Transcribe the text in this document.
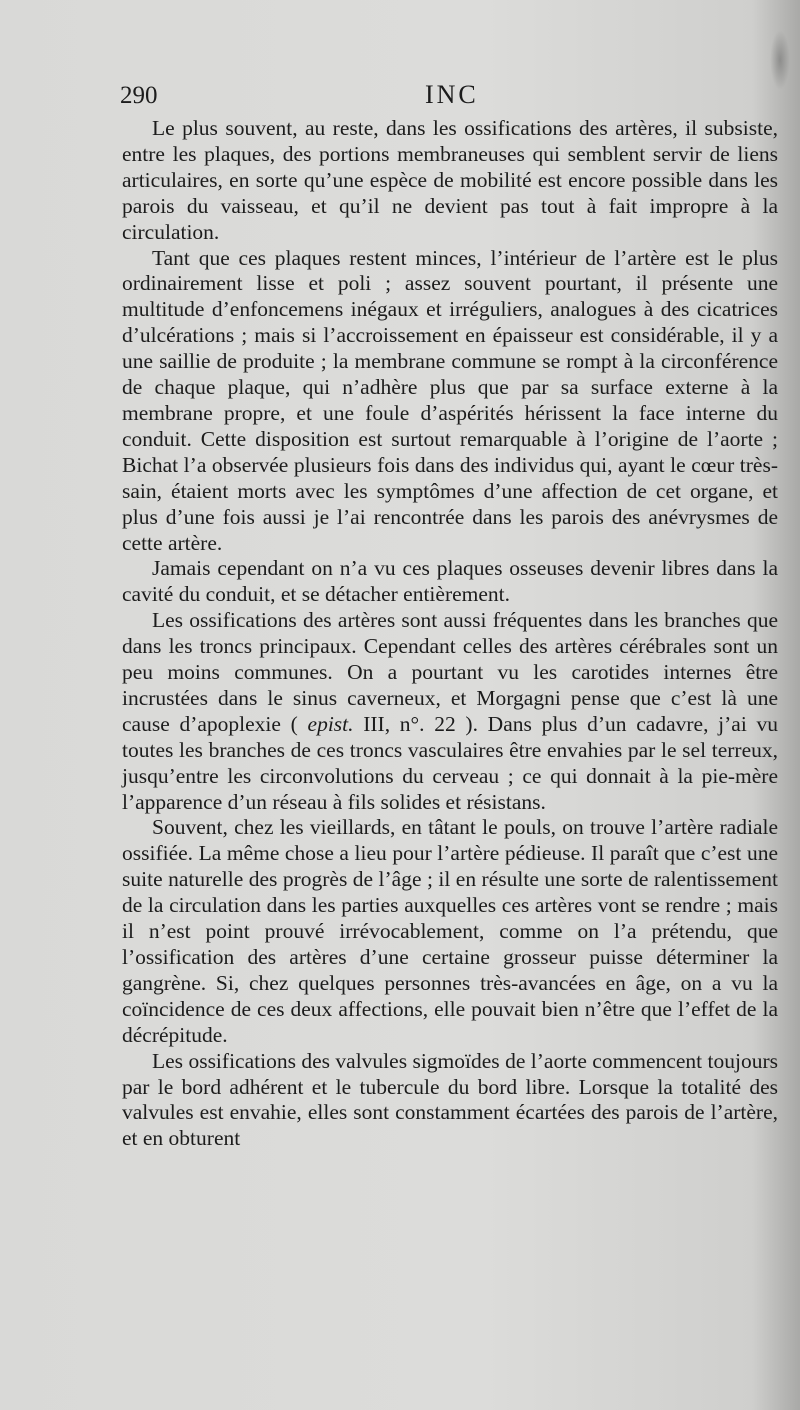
290	INC

Le plus souvent, au reste, dans les ossifications des artères, il subsiste, entre les plaques, des portions membraneuses qui semblent servir de liens articulaires, en sorte qu’une espèce de mobilité est encore possible dans les parois du vaisseau, et qu’il ne devient pas tout à fait impropre à la circulation.

Tant que ces plaques restent minces, l’intérieur de l’artère est le plus ordinairement lisse et poli ; assez souvent pourtant, il présente une multitude d’enfoncemens inégaux et irréguliers, analogues à des cicatrices d’ulcérations ; mais si l’accroissement en épaisseur est considérable, il y a une saillie de produite ; la membrane commune se rompt à la circonférence de chaque plaque, qui n’adhère plus que par sa surface externe à la membrane propre, et une foule d’aspérités hérissent la face interne du conduit. Cette disposition est surtout remarquable à l’origine de l’aorte ; Bichat l’a observée plusieurs fois dans des individus qui, ayant le cœur très-sain, étaient morts avec les symptômes d’une affection de cet organe, et plus d’une fois aussi je l’ai rencontrée dans les parois des anévrysmes de cette artère.

Jamais cependant on n’a vu ces plaques osseuses devenir libres dans la cavité du conduit, et se détacher entièrement.

Les ossifications des artères sont aussi fréquentes dans les branches que dans les troncs principaux. Cependant celles des artères cérébrales sont un peu moins communes. On a pourtant vu les carotides internes être incrustées dans le sinus caverneux, et Morgagni pense que c’est là une cause d’apoplexie ( epist. III, n°. 22 ). Dans plus d’un cadavre, j’ai vu toutes les branches de ces troncs vasculaires être envahies par le sel terreux, jusqu’entre les circonvolutions du cerveau ; ce qui donnait à la pie-mère l’apparence d’un réseau à fils solides et résistans.

Souvent, chez les vieillards, en tâtant le pouls, on trouve l’artère radiale ossifiée. La même chose a lieu pour l’artère pédieuse. Il paraît que c’est une suite naturelle des progrès de l’âge ; il en résulte une sorte de ralentissement de la circulation dans les parties auxquelles ces artères vont se rendre ; mais il n’est point prouvé irrévocablement, comme on l’a prétendu, que l’ossification des artères d’une certaine grosseur puisse déterminer la gangrène. Si, chez quelques personnes très-avancées en âge, on a vu la coïncidence de ces deux affections, elle pouvait bien n’être que l’effet de la décrépitude.

Les ossifications des valvules sigmoïdes de l’aorte commencent toujours par le bord adhérent et le tubercule du bord libre. Lorsque la totalité des valvules est envahie, elles sont constamment écartées des parois de l’artère, et en obturent
